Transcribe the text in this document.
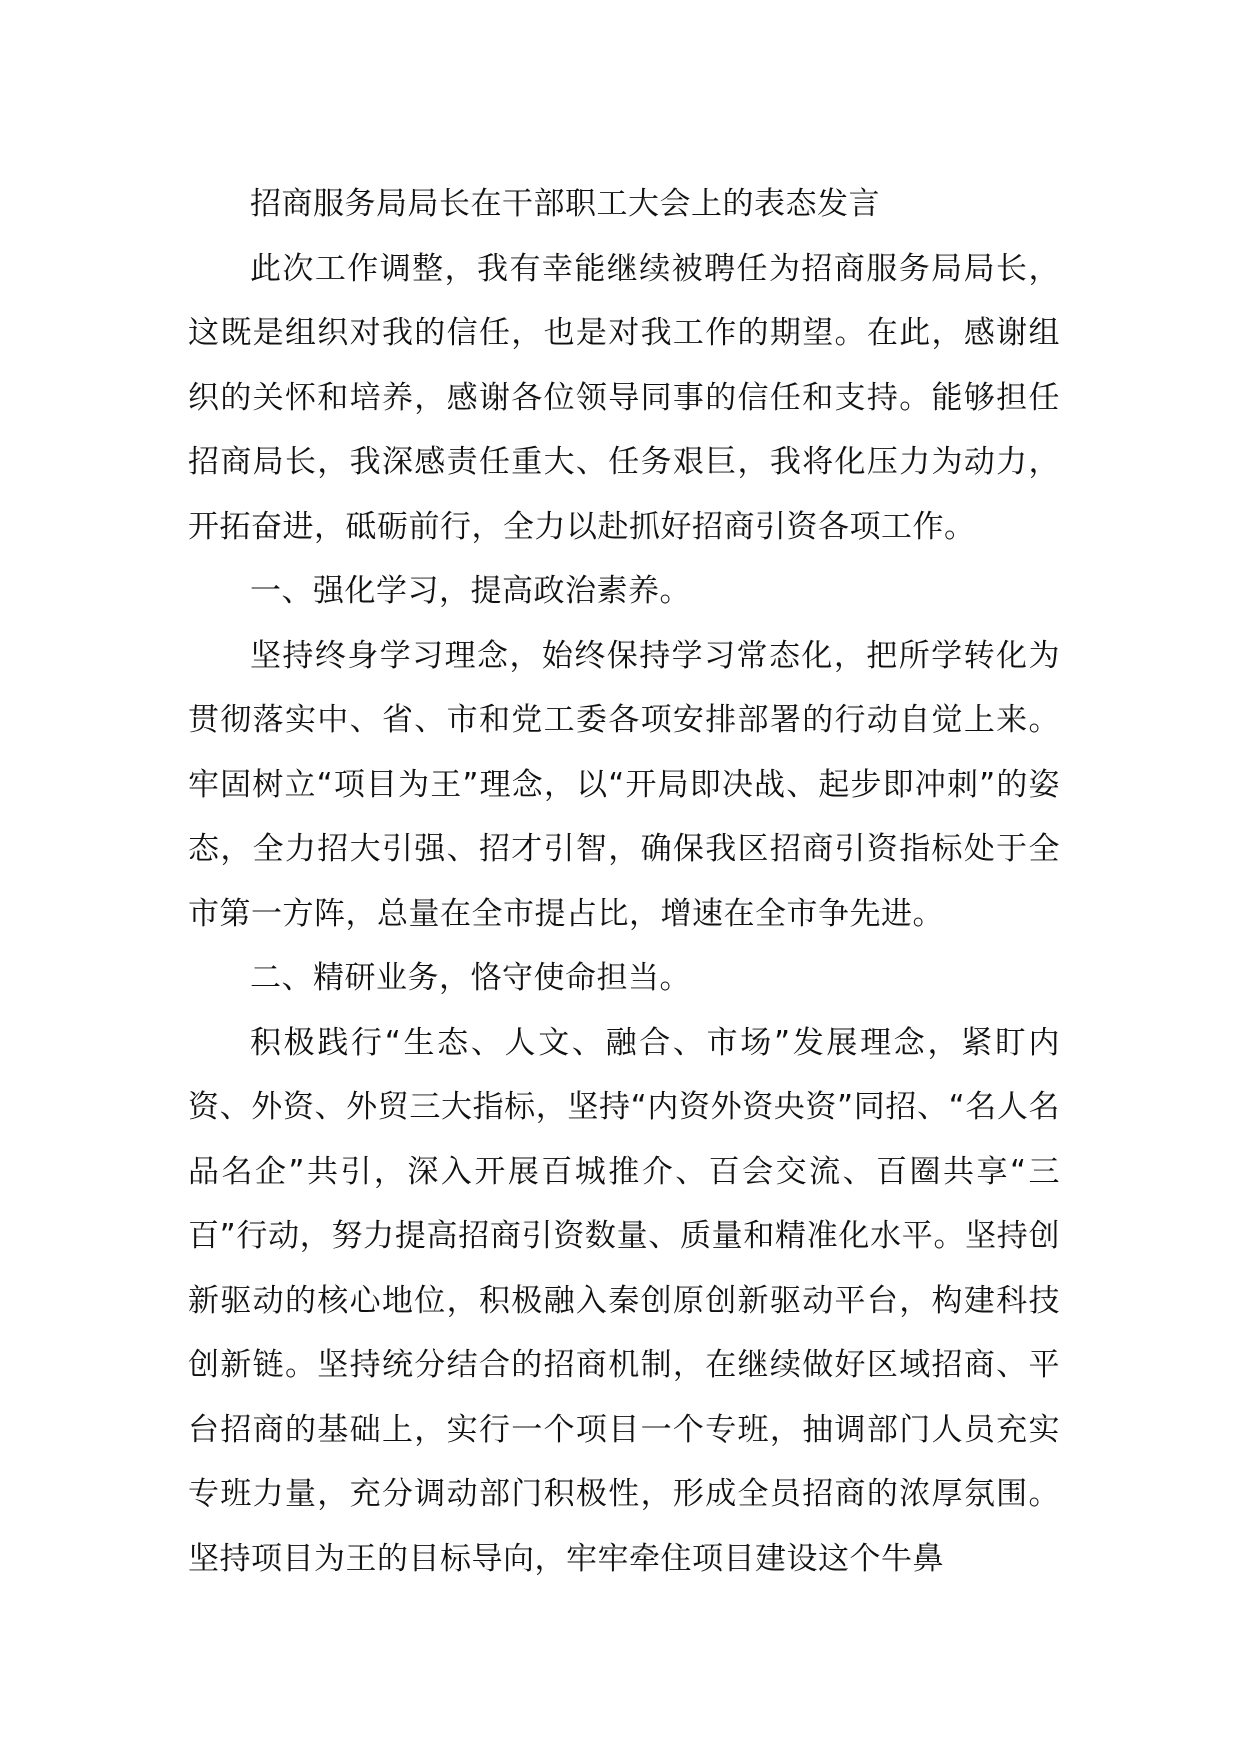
招商服务局局长在干部职工大会上的表态发言

此次工作调整，我有幸能继续被聘任为招商服务局局长，这既是组织对我的信任，也是对我工作的期望。在此，感谢组织的关怀和培养，感谢各位领导同事的信任和支持。能够担任招商局长，我深感责任重大、任务艰巨，我将化压力为动力，开拓奋进，砥砺前行，全力以赴抓好招商引资各项工作。

一、强化学习，提高政治素养。

坚持终身学习理念，始终保持学习常态化，把所学转化为贯彻落实中、省、市和党工委各项安排部署的行动自觉上来。牢固树立“项目为王”理念，以“开局即决战、起步即冲刺”的姿态，全力招大引强、招才引智，确保我区招商引资指标处于全市第一方阵，总量在全市提占比，增速在全市争先进。

二、精研业务，恪守使命担当。

积极践行“生态、人文、融合、市场”发展理念，紧盯内资、外资、外贸三大指标，坚持“内资外资央资”同招、“名人名品名企”共引，深入开展百城推介、百会交流、百圈共享“三百”行动，努力提高招商引资数量、质量和精准化水平。坚持创新驱动的核心地位，积极融入秦创原创新驱动平台，构建科技创新链。坚持统分结合的招商机制，在继续做好区域招商、平台招商的基础上，实行一个项目一个专班，抽调部门人员充实专班力量，充分调动部门积极性，形成全员招商的浓厚氛围。坚持项目为王的目标导向，牢牢牵住项目建设这个牛鼻
